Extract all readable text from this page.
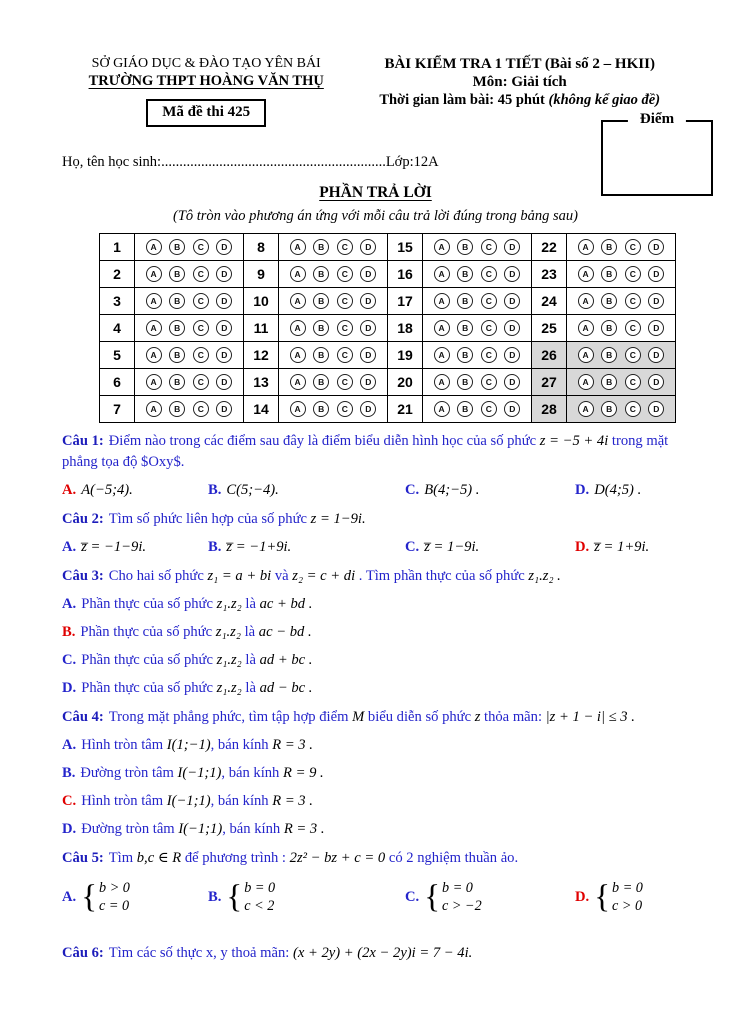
SỞ GIÁO DỤC & ĐÀO TẠO YÊN BÁI
TRƯỜNG THPT HOÀNG VĂN THỤ
Mã đề thi 425
BÀI KIỂM TRA 1 TIẾT (Bài số 2 – HKII)
Môn: Giải tích
Thời gian làm bài: 45 phút (không kể giao đề)
Điểm
Họ, tên học sinh:..............................................................Lớp:12A
PHẦN TRẢ LỜI
(Tô tròn vào phương án ứng với mỗi câu trả lời đúng trong bảng sau)
1	A B C D	8	A B C D	15	A B C D	22	A B C D

2	A B C D	9	A B C D	16	A B C D	23	A B C D

3	A B C D	10	A B C D	17	A B C D	24	A B C D

4	A B C D	11	A B C D	18	A B C D	25	A B C D

5	A B C D	12	A B C D	19	A B C D	26	A B C D

6	A B C D	13	A B C D	20	A B C D	27	A B C D

7	A B C D	14	A B C D	21	A B C D	28	A B C D

Câu 1: Điểm nào trong các điểm sau đây là điểm biểu diễn hình học của số phức z = −5 + 4i trong mặt phẳng tọa độ $Oxy$.

A. A(−5;4).	B. C(5;−4).	C. B(4;−5) .	D. D(4;5) .

Câu 2: Tìm số phức liên hợp của số phức z = 1−9i.

A. z̅ = −1−9i.	B. z̅ = −1+9i.	C. z̅ = 1−9i.	D. z̅ = 1+9i.

Câu 3: Cho hai số phức z₁ = a + bi và z₂ = c + di . Tìm phần thực của số phức z₁.z₂ .

A. Phần thực của số phức z₁.z₂ là ac + bd .

B. Phần thực của số phức z₁.z₂ là ac − bd .

C. Phần thực của số phức z₁.z₂ là ad + bc .

D. Phần thực của số phức z₁.z₂ là ad − bc .

Câu 4: Trong mặt phẳng phức, tìm tập hợp điểm M biểu diễn số phức z thỏa mãn: |z + 1 − i| ≤ 3 .

A. Hình tròn tâm I(1;−1), bán kính R = 3 .

B. Đường tròn tâm I(−1;1), bán kính R = 9 .

C. Hình tròn tâm I(−1;1), bán kính R = 3 .

D. Đường tròn tâm I(−1;1), bán kính R = 3 .

Câu 5: Tìm b,c ∈ R để phương trình : 2z² − bz + c = 0 có 2 nghiệm thuần ảo.

A. { b > 0
c = 0
B. { b = 0
c < 2
C. { b = 0
c > −2
D. { b = 0
c > 0

Câu 6: Tìm các số thực x, y thoả mãn: (x + 2y) + (2x − 2y)i = 7 − 4i.
